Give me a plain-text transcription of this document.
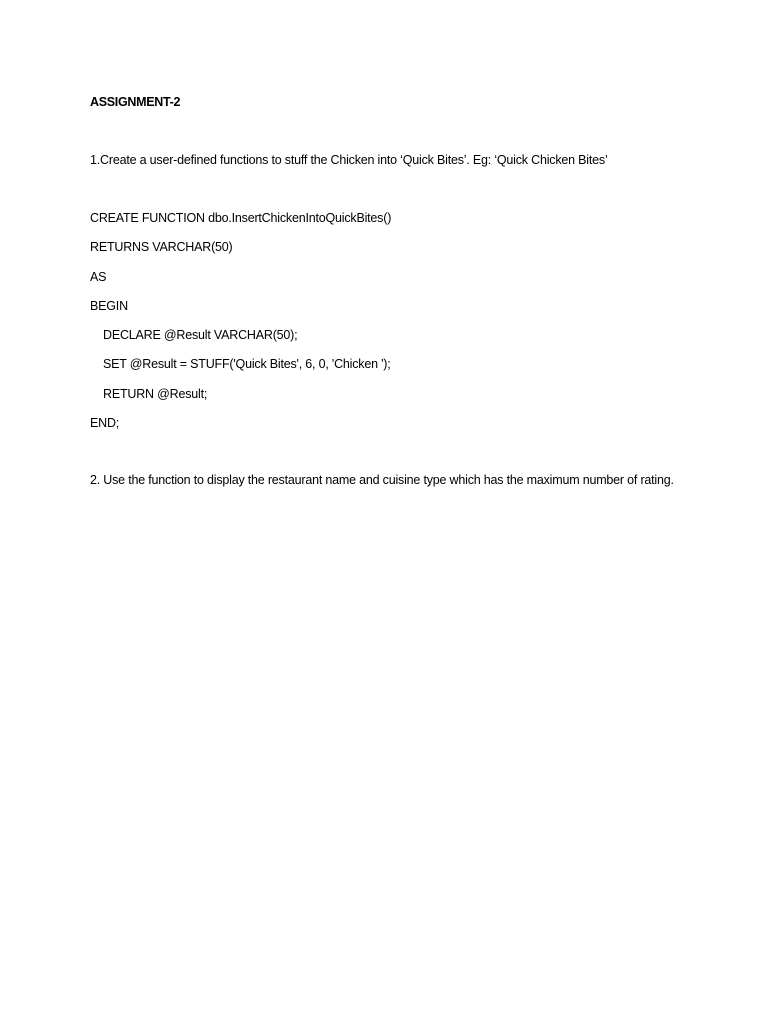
ASSIGNMENT-2

1.Create a user-defined functions to stuff the Chicken into ‘Quick Bites’. Eg: ‘Quick Chicken Bites’

CREATE FUNCTION dbo.InsertChickenIntoQuickBites()
RETURNS VARCHAR(50)
AS
BEGIN
DECLARE @Result VARCHAR(50);
SET @Result = STUFF('Quick Bites', 6, 0, 'Chicken ');
RETURN @Result;
END;

2. Use the function to display the restaurant name and cuisine type which has the maximum number of rating.
